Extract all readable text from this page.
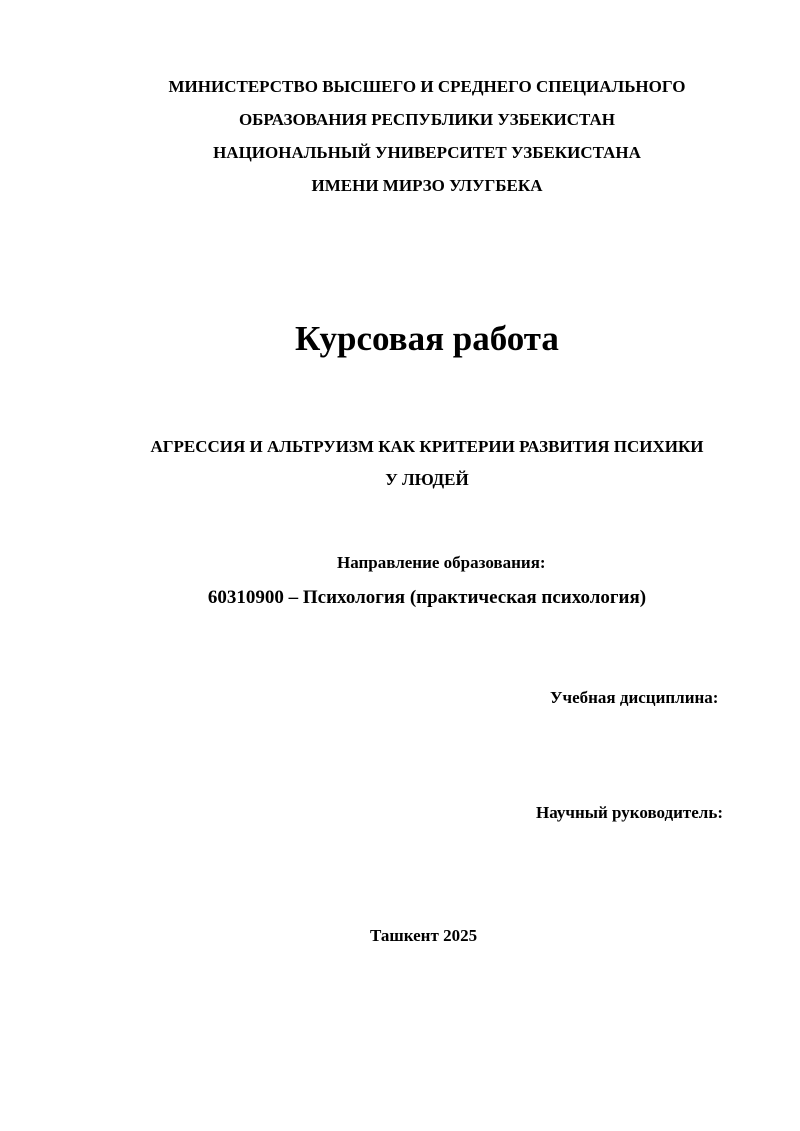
МИНИСТЕРСТВО ВЫСШЕГО И СРЕДНЕГО СПЕЦИАЛЬНОГО

ОБРАЗОВАНИЯ РЕСПУБЛИКИ УЗБЕКИСТАН

НАЦИОНАЛЬНЫЙ УНИВЕРСИТЕТ УЗБЕКИСТАНА

ИМЕНИ МИРЗО УЛУГБЕКА

Курсовая работа

АГРЕССИЯ И АЛЬТРУИЗМ КАК КРИТЕРИИ РАЗВИТИЯ ПСИХИКИ

У ЛЮДЕЙ

Направление образования:

60310900 – Психология (практическая психология)

Учебная дисциплина:

Научный руководитель:

Ташкент 2025
